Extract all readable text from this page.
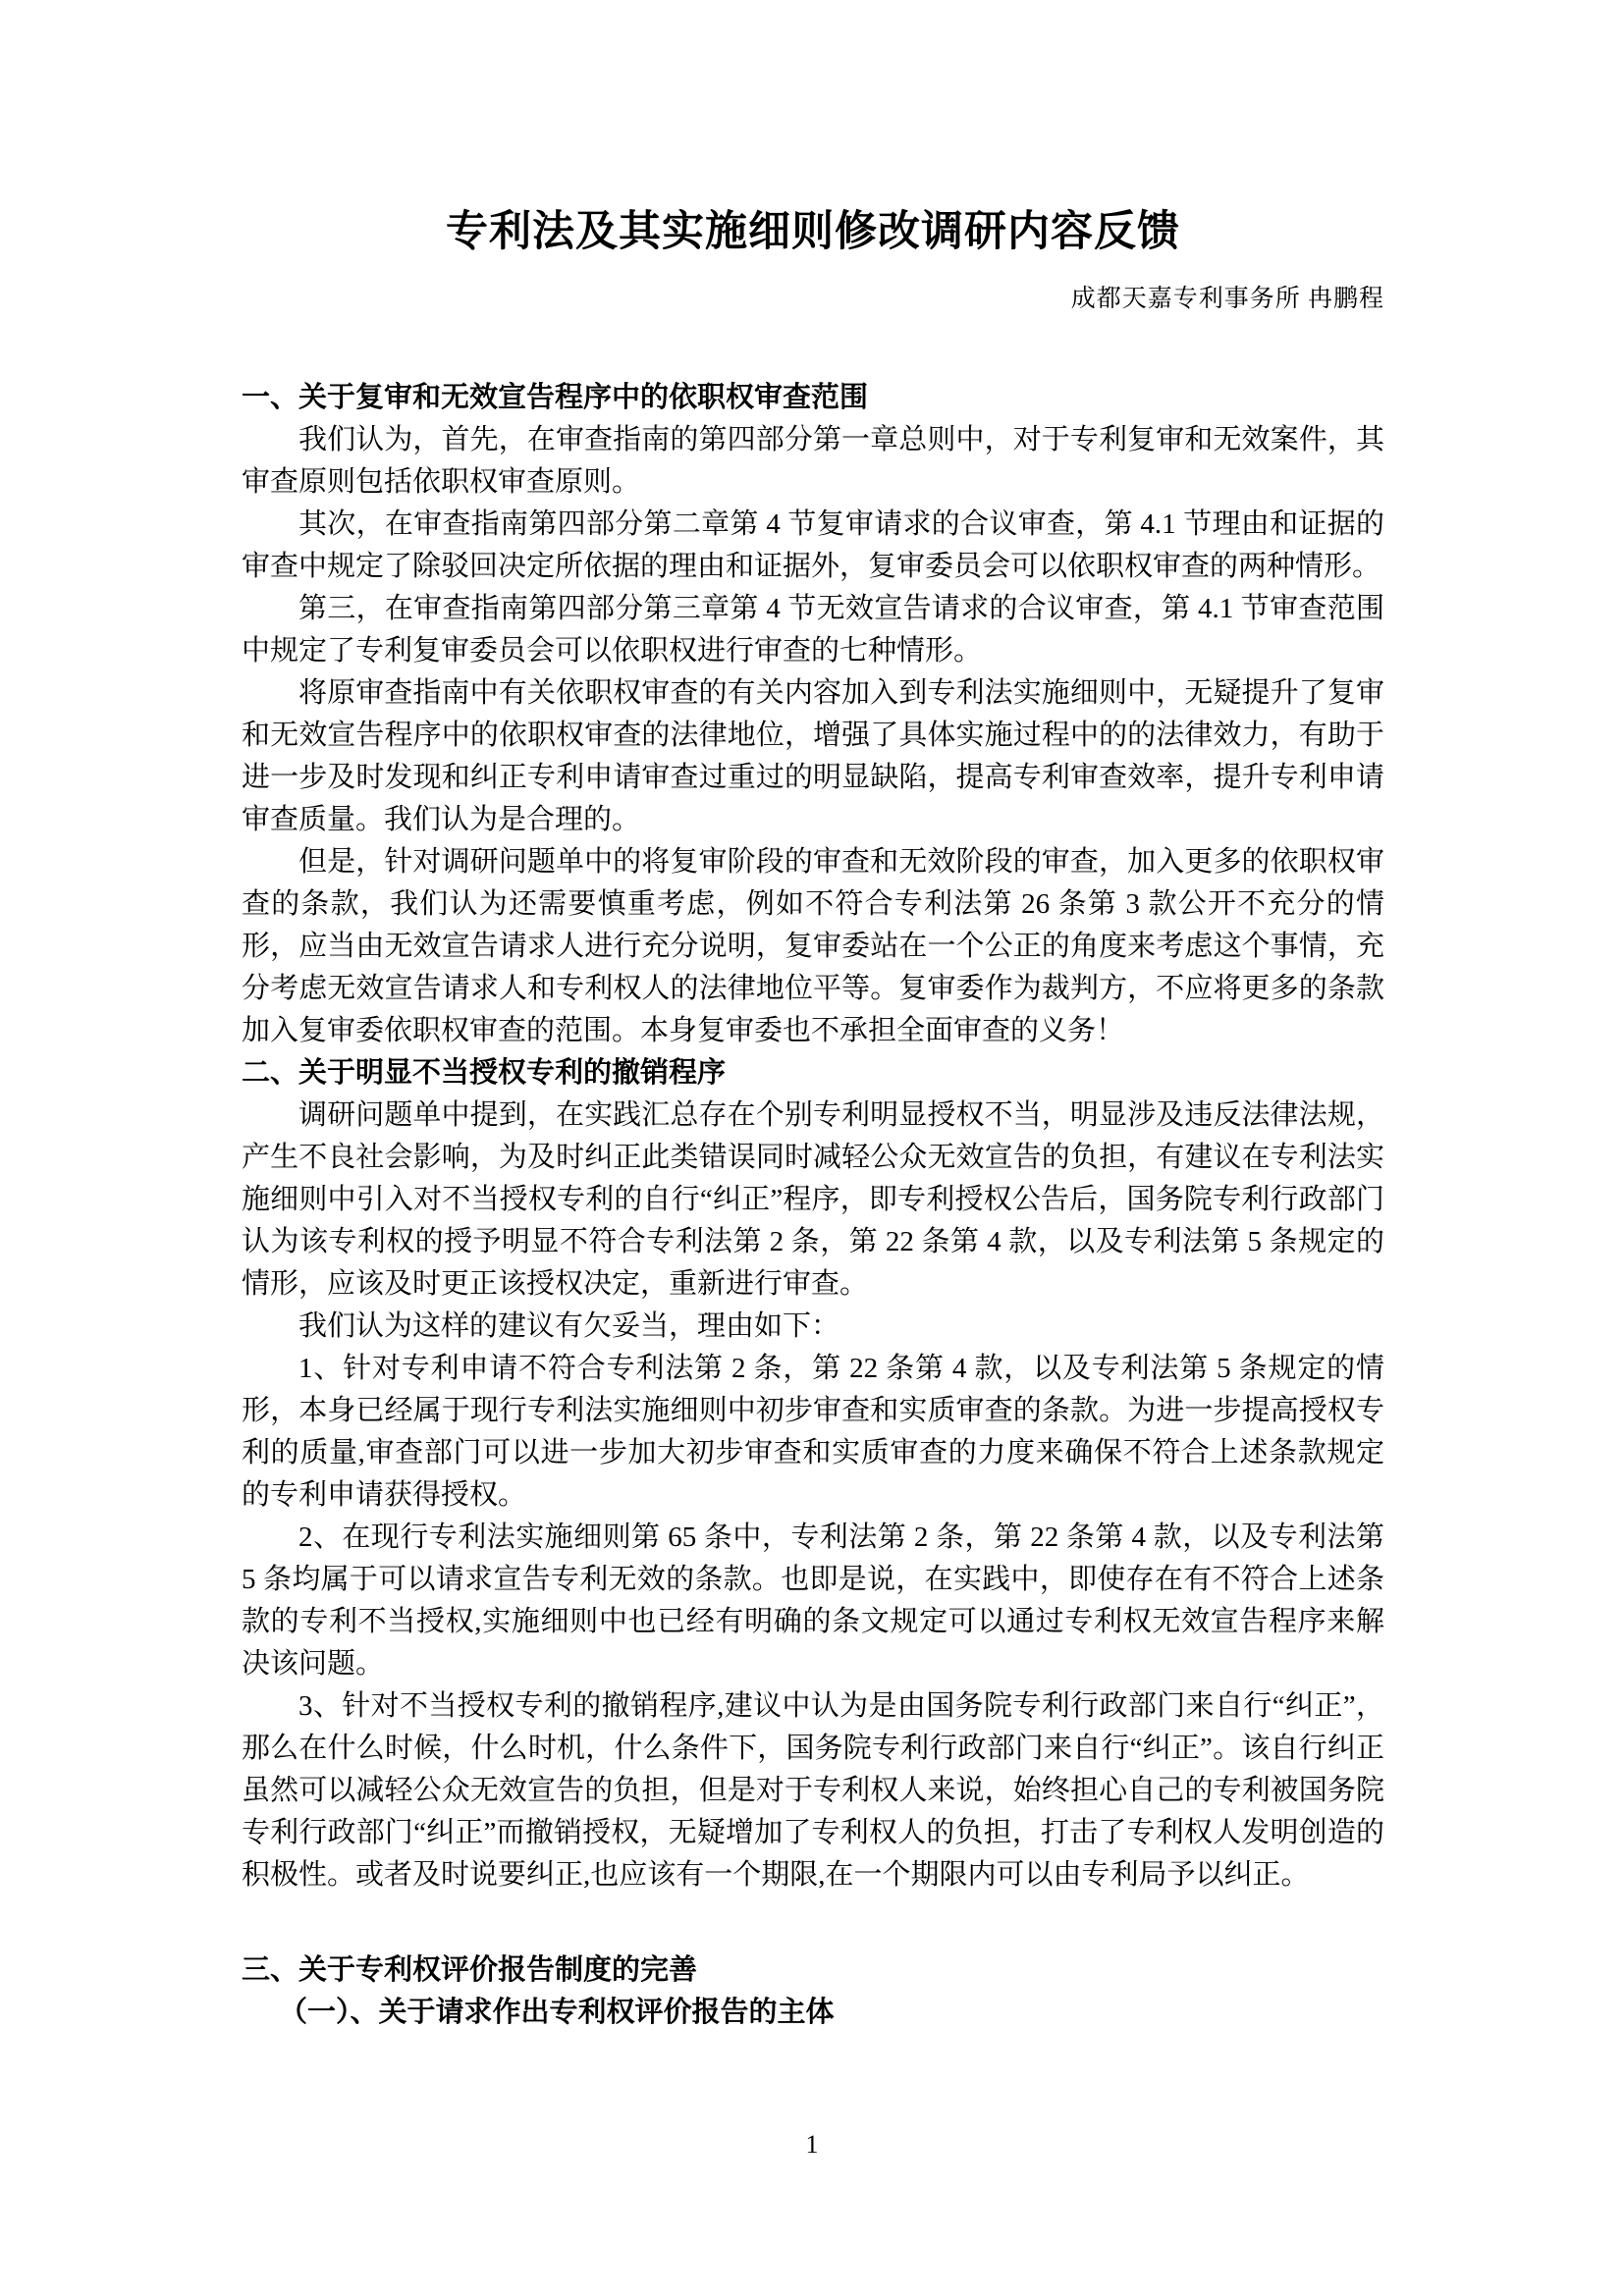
专利法及其实施细则修改调研内容反馈
成都天嘉专利事务所 冉鹏程
一、关于复审和无效宣告程序中的依职权审查范围

我们认为，首先，在审查指南的第四部分第一章总则中，对于专利复审和无效案件，其审查原则包括依职权审查原则。

其次，在审查指南第四部分第二章第 4 节复审请求的合议审查，第 4.1 节理由和证据的审查中规定了除驳回决定所依据的理由和证据外，复审委员会可以依职权审查的两种情形。

第三，在审查指南第四部分第三章第 4 节无效宣告请求的合议审查，第 4.1 节审查范围中规定了专利复审委员会可以依职权进行审查的七种情形。

将原审查指南中有关依职权审查的有关内容加入到专利法实施细则中，无疑提升了复审和无效宣告程序中的依职权审查的法律地位，增强了具体实施过程中的的法律效力，有助于进一步及时发现和纠正专利申请审查过重过的明显缺陷，提高专利审查效率，提升专利申请审查质量。我们认为是合理的。

但是，针对调研问题单中的将复审阶段的审查和无效阶段的审查，加入更多的依职权审查的条款，我们认为还需要慎重考虑，例如不符合专利法第 26 条第 3 款公开不充分的情形，应当由无效宣告请求人进行充分说明，复审委站在一个公正的角度来考虑这个事情，充分考虑无效宣告请求人和专利权人的法律地位平等。复审委作为裁判方，不应将更多的条款加入复审委依职权审查的范围。本身复审委也不承担全面审查的义务！

二、关于明显不当授权专利的撤销程序

调研问题单中提到，在实践汇总存在个别专利明显授权不当，明显涉及违反法律法规，产生不良社会影响，为及时纠正此类错误同时减轻公众无效宣告的负担，有建议在专利法实施细则中引入对不当授权专利的自行“纠正”程序，即专利授权公告后，国务院专利行政部门认为该专利权的授予明显不符合专利法第 2 条，第 22 条第 4 款，以及专利法第 5 条规定的情形，应该及时更正该授权决定，重新进行审查。

我们认为这样的建议有欠妥当，理由如下：

1、针对专利申请不符合专利法第 2 条，第 22 条第 4 款，以及专利法第 5 条规定的情形，本身已经属于现行专利法实施细则中初步审查和实质审查的条款。为进一步提高授权专利的质量,审查部门可以进一步加大初步审查和实质审查的力度来确保不符合上述条款规定的专利申请获得授权。

2、在现行专利法实施细则第 65 条中，专利法第 2 条，第 22 条第 4 款，以及专利法第 5 条均属于可以请求宣告专利无效的条款。也即是说，在实践中，即使存在有不符合上述条款的专利不当授权,实施细则中也已经有明确的条文规定可以通过专利权无效宣告程序来解决该问题。

3、针对不当授权专利的撤销程序,建议中认为是由国务院专利行政部门来自行“纠正”，那么在什么时候，什么时机，什么条件下，国务院专利行政部门来自行“纠正”。该自行纠正虽然可以减轻公众无效宣告的负担，但是对于专利权人来说，始终担心自己的专利被国务院专利行政部门“纠正”而撤销授权，无疑增加了专利权人的负担，打击了专利权人发明创造的积极性。或者及时说要纠正,也应该有一个期限,在一个期限内可以由专利局予以纠正。

三、关于专利权评价报告制度的完善
（一）、关于请求作出专利权评价报告的主体
1
